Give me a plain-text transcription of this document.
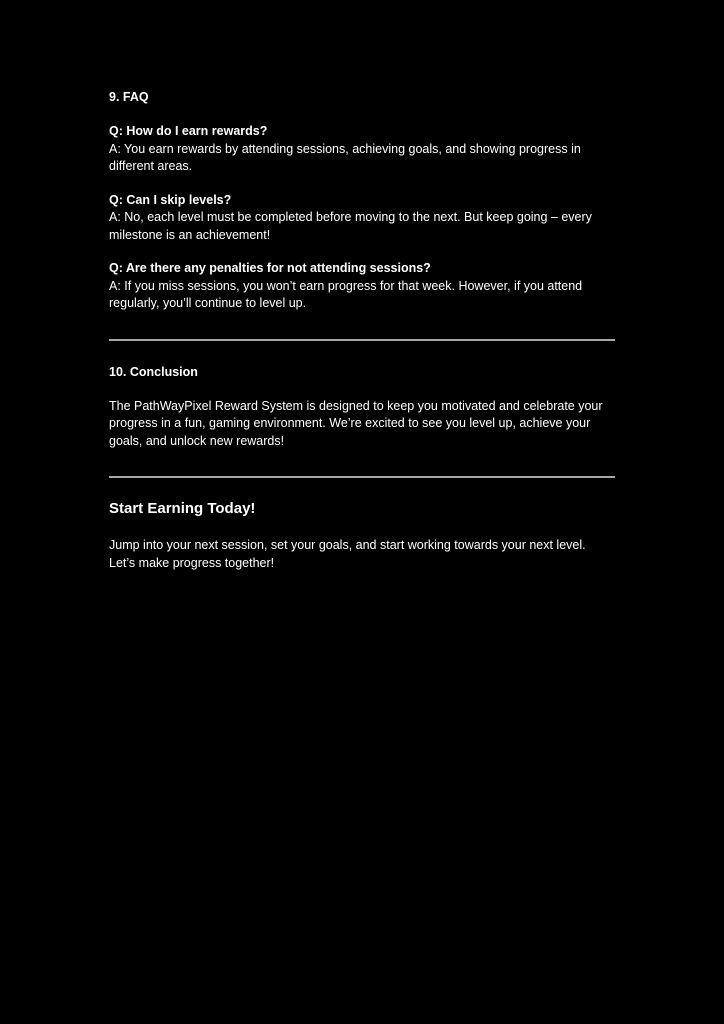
9. FAQ

Q: How do I earn rewards?

A: You earn rewards by attending sessions, achieving goals, and showing progress in different areas.

Q: Can I skip levels?

A: No, each level must be completed before moving to the next. But keep going – every milestone is an achievement!

Q: Are there any penalties for not attending sessions?

A: If you miss sessions, you won’t earn progress for that week. However, if you attend regularly, you’ll continue to level up.

10. Conclusion

The PathWayPixel Reward System is designed to keep you motivated and celebrate your progress in a fun, gaming environment. We’re excited to see you level up, achieve your goals, and unlock new rewards!

Start Earning Today!

Jump into your next session, set your goals, and start working towards your next level. Let’s make progress together!
